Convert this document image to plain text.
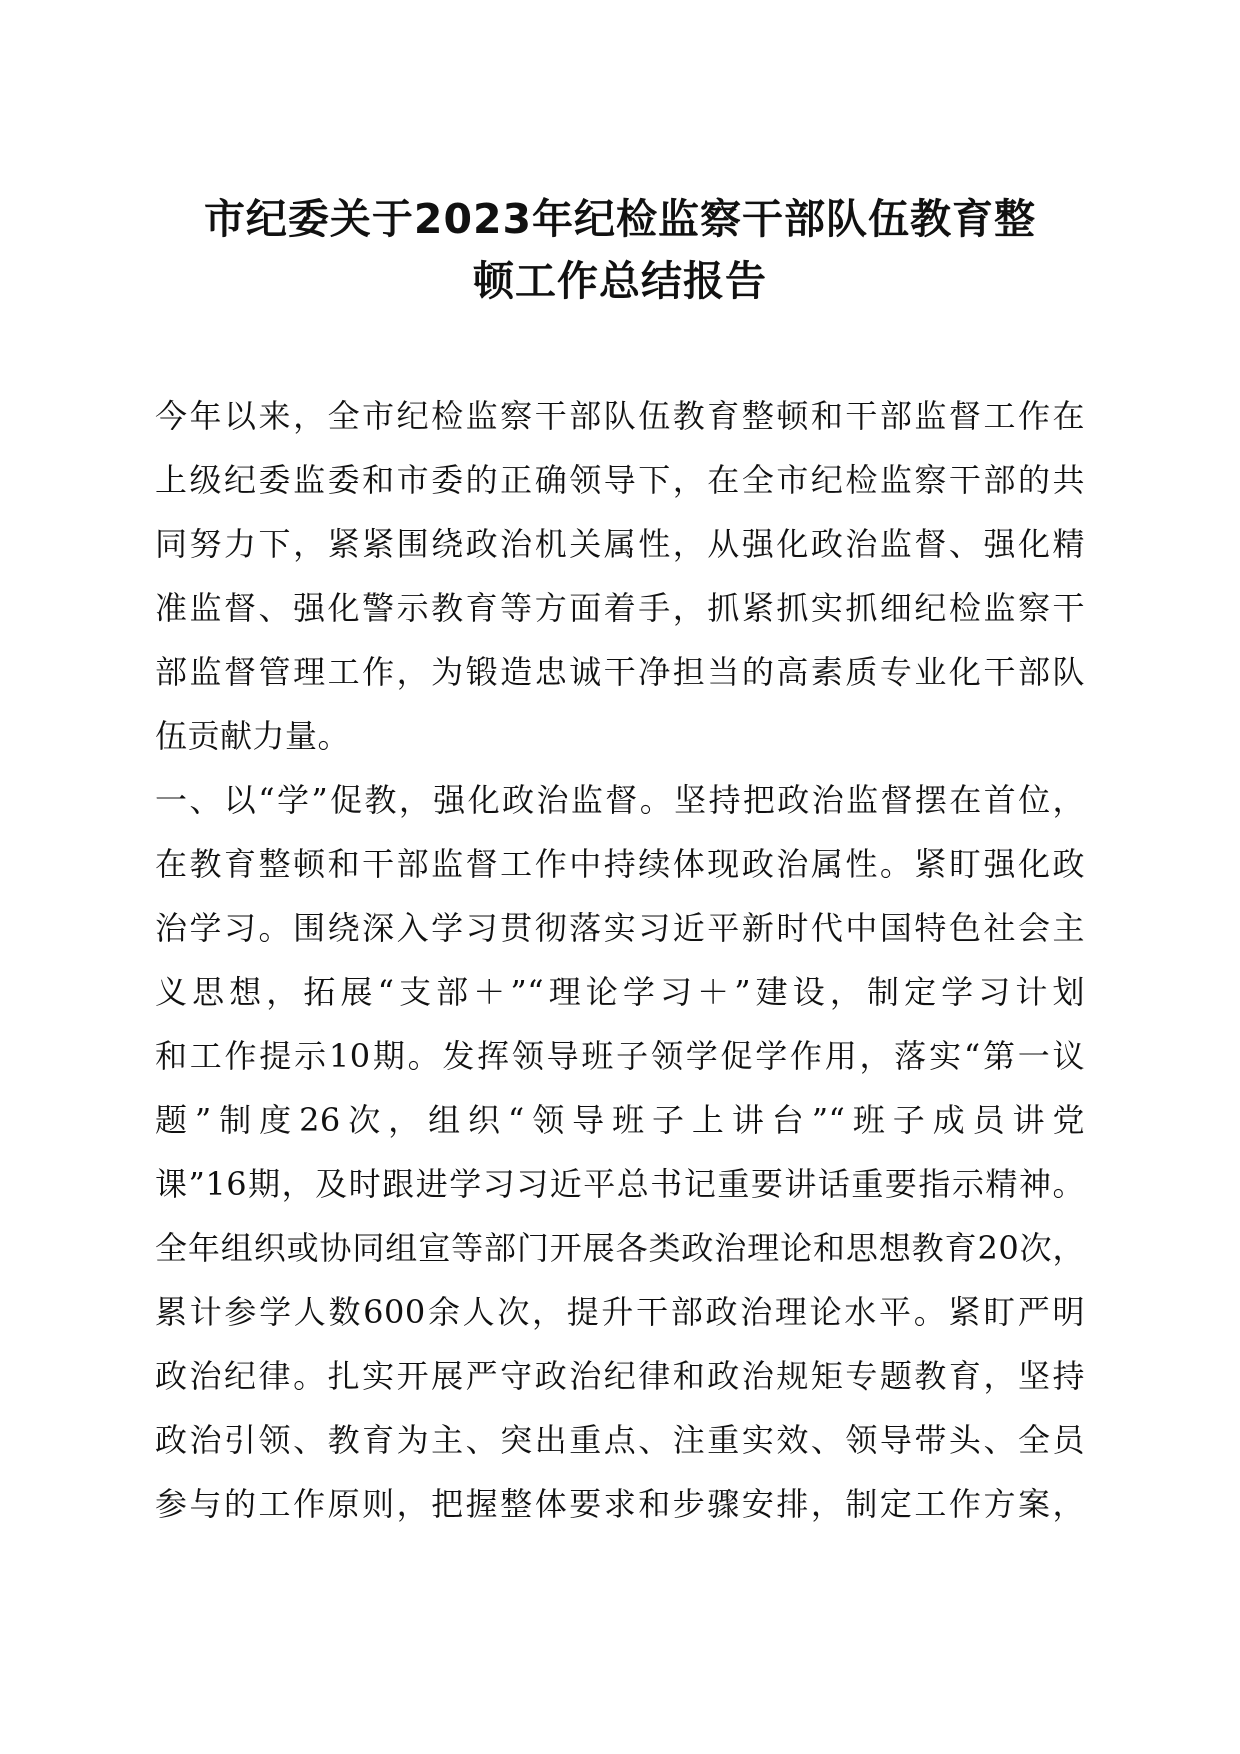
市纪委关于2023年纪检监察干部队伍教育整
顿工作总结报告
今年以来，全市纪检监察干部队伍教育整顿和干部监督工作在
上级纪委监委和市委的正确领导下，在全市纪检监察干部的共
同努力下，紧紧围绕政治机关属性，从强化政治监督、强化精
准监督、强化警示教育等方面着手，抓紧抓实抓细纪检监察干
部监督管理工作，为锻造忠诚干净担当的高素质专业化干部队
伍贡献力量。
一、以“学”促教，强化政治监督。坚持把政治监督摆在首位，
在教育整顿和干部监督工作中持续体现政治属性。紧盯强化政
治学习。围绕深入学习贯彻落实习近平新时代中国特色社会主
义思想，拓展“支部＋”“理论学习＋”建设，制定学习计划
和工作提示10期。发挥领导班子领学促学作用，落实“第一议
题”制度26次，组织“领导班子上讲台”“班子成员讲党
课”16期，及时跟进学习习近平总书记重要讲话重要指示精神。
全年组织或协同组宣等部门开展各类政治理论和思想教育20次，
累计参学人数600余人次，提升干部政治理论水平。紧盯严明
政治纪律。扎实开展严守政治纪律和政治规矩专题教育，坚持
政治引领、教育为主、突出重点、注重实效、领导带头、全员
参与的工作原则，把握整体要求和步骤安排，制定工作方案，
